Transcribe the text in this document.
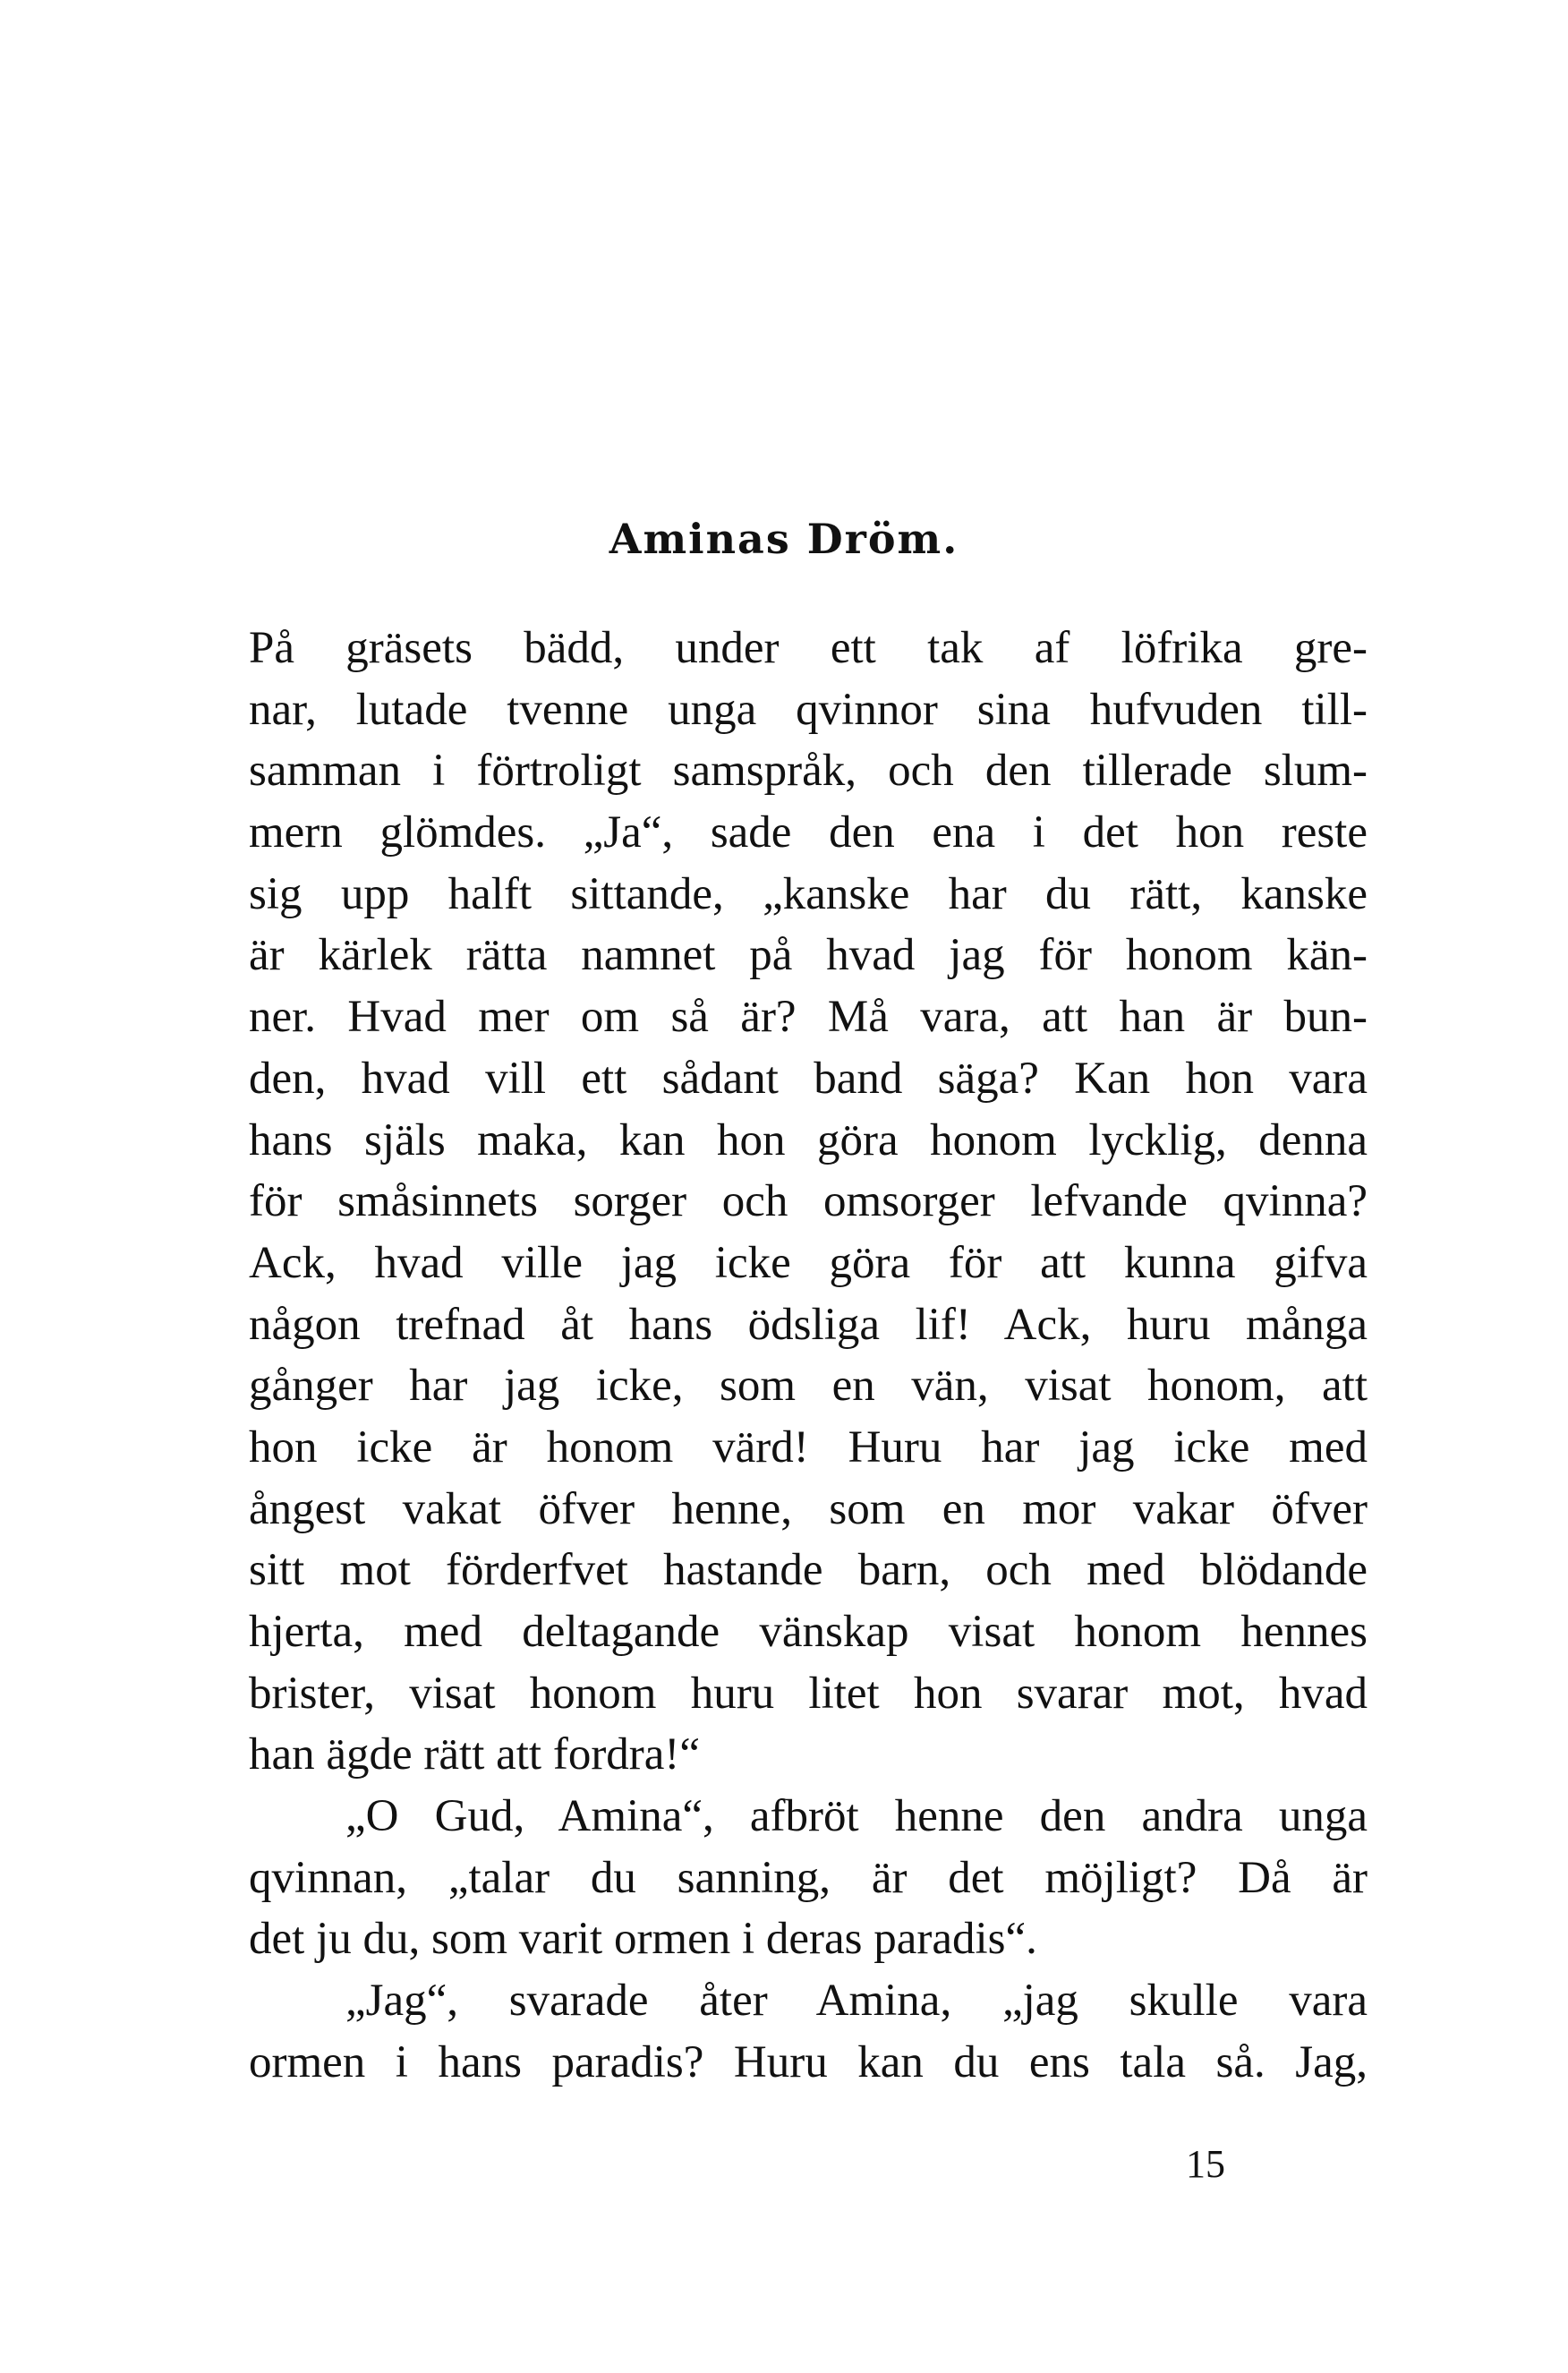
Aminas Dröm.
På gräsets bädd, under ett tak af löfrika gre-
nar, lutade tvenne unga qvinnor sina hufvuden till-
samman i förtroligt samspråk, och den tillerade slum-
mern glömdes. „Ja“, sade den ena i det hon reste
sig upp halft sittande, „kanske har du rätt, kanske
är kärlek rätta namnet på hvad jag för honom kän-
ner. Hvad mer om så är? Må vara, att han är bun-
den, hvad vill ett sådant band säga? Kan hon vara
hans själs maka, kan hon göra honom lycklig, denna
för småsinnets sorger och omsorger lefvande qvinna?
Ack, hvad ville jag icke göra för att kunna gifva
någon trefnad åt hans ödsliga lif! Ack, huru många
gånger har jag icke, som en vän, visat honom, att
hon icke är honom värd! Huru har jag icke med
ångest vakat öfver henne, som en mor vakar öfver
sitt mot förderfvet hastande barn, och med blödande
hjerta, med deltagande vänskap visat honom hennes
brister, visat honom huru litet hon svarar mot, hvad
han ägde rätt att fordra!“
„O Gud, Amina“, afbröt henne den andra unga
qvinnan, „talar du sanning, är det möjligt? Då är
det ju du, som varit ormen i deras paradis“.
„Jag“, svarade åter Amina, „jag skulle vara
ormen i hans paradis? Huru kan du ens tala så. Jag,
15
